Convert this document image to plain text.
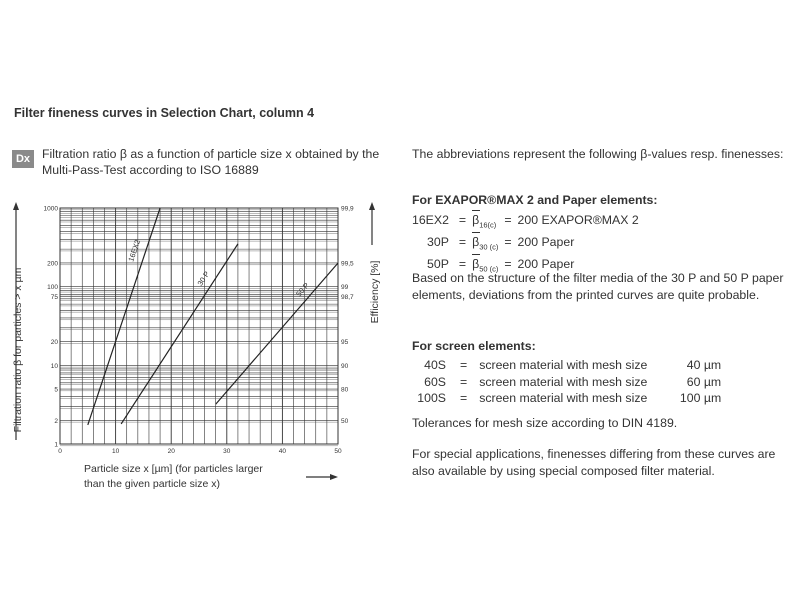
Filter fineness curves in Selection Chart, column 4
Dx Filtration ratio β as a function of particle size x obtained by the Multi-Pass-Test according to ISO 16889
0	10	20	30	40	50
1
2
5
10
20
75
100
200
1000
50
80
90
95
98,7
99
99,5
99,9
16EX2
30 P
50 P
Filtration ratio β for particles > x µm	Efficiency [%]
Particle size x [µm] (for particles larger
than the given particle size x)

The abbreviations represent the following β-values resp. finenesses:

For EXAPOR®MAX 2 and Paper elements:
16EX2	=	$\beta_{16(c)}$	=	200 EXAPOR®MAX 2
30P	=	$\beta_{30 (c)}$	=	200 Paper
50P	=	$\beta_{50 (c)}$	=	200 Paper

Based on the structure of the filter media of the 30 P and 50 P paper elements, deviations from the printed curves are quite probable.

For screen elements:
40S	=	screen material with mesh size	40 µm
60S	=	screen material with mesh size	60 µm
100S	=	screen material with mesh size	100 µm

Tolerances for mesh size according to DIN 4189.

For special applications, finenesses differing from these curves are also available by using special composed filter material.
